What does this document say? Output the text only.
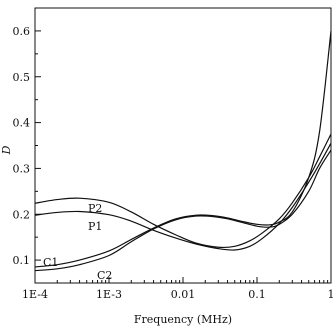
1E-4	1E-3	0.01	0.1	1
0.1
0.2
0.3
0.4
0.5
0.6
Frequency (MHz)
D
P2
P1
C1
C2
